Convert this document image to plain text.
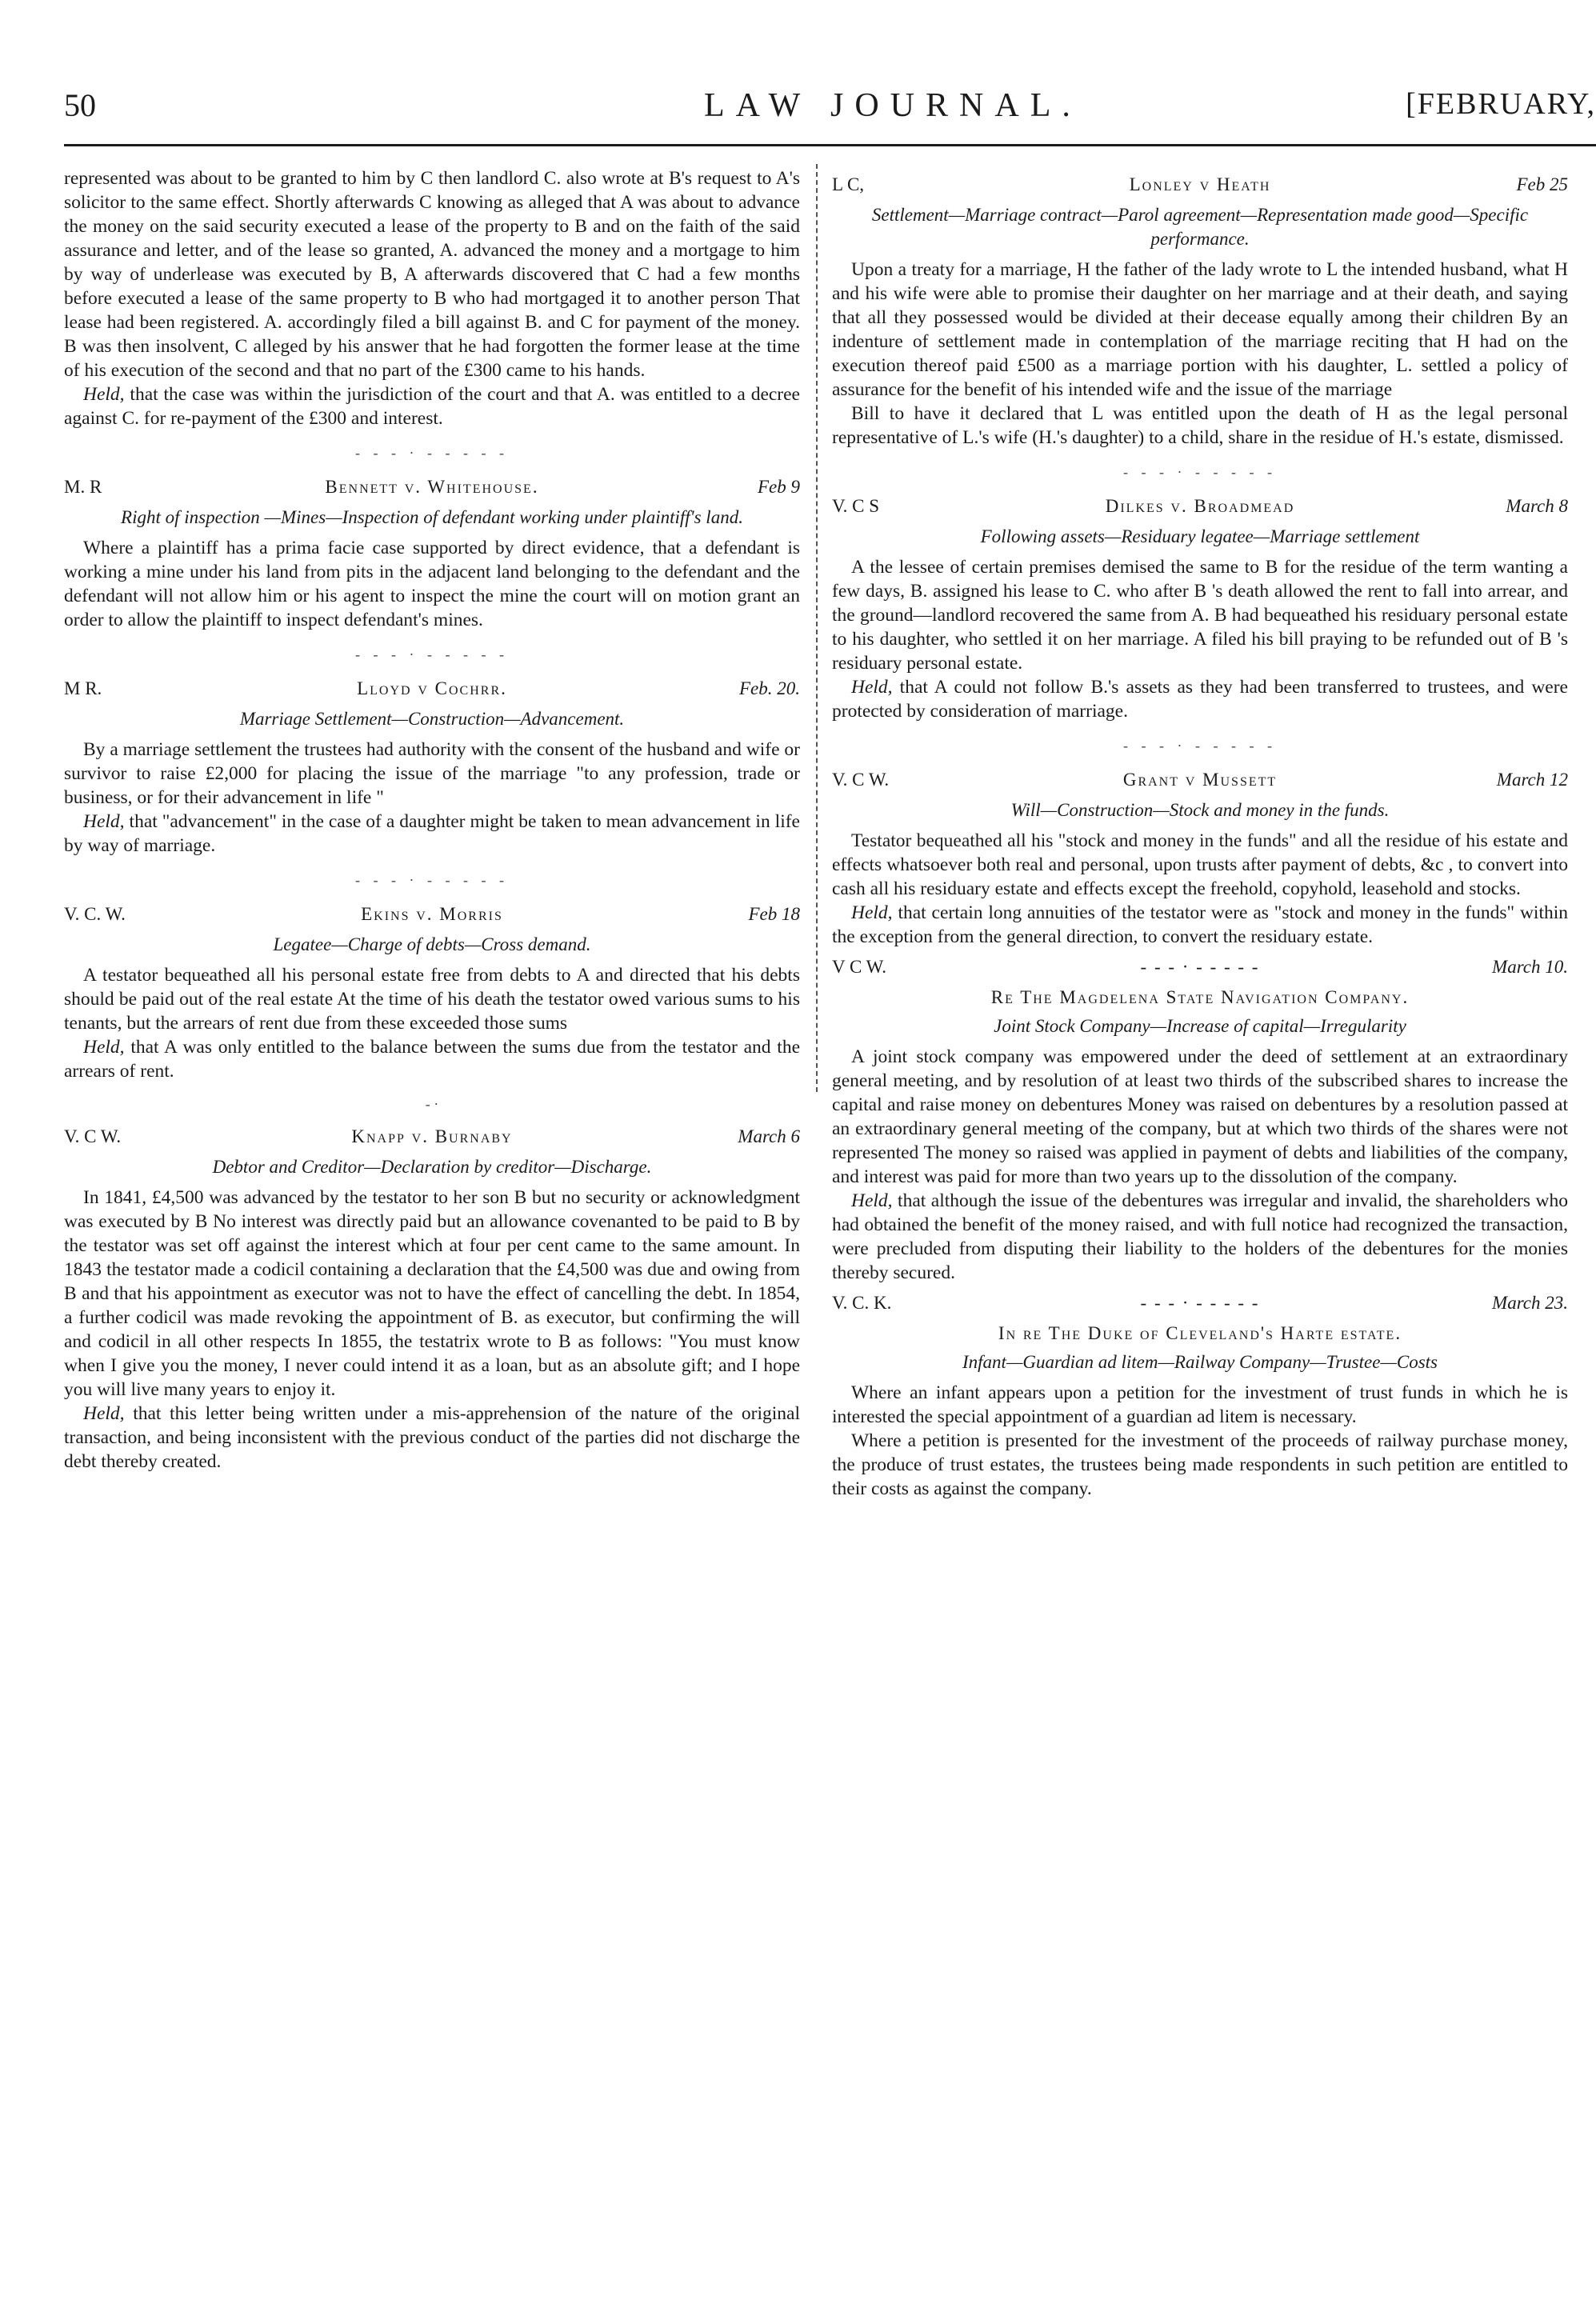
50	LAW JOURNAL.	[FEBRUARY,

represented was about to be granted to him by C then landlord C. also wrote at B's request to A's solicitor to the same effect. Shortly afterwards C knowing as alleged that A was about to advance the money on the said security executed a lease of the property to B and on the faith of the said assurance and letter, and of the lease so granted, A. advanced the money and a mortgage to him by way of underlease was executed by B, A afterwards discovered that C had a few months before executed a lease of the same property to B who had mortgaged it to another person That lease had been registered. A. accordingly filed a bill against B. and C for payment of the money. B was then insolvent, C alleged by his answer that he had forgotten the former lease at the time of his execution of the second and that no part of the £300 came to his hands.

Held, that the case was within the jurisdiction of the court and that A. was entitled to a decree against C. for re-payment of the £300 and interest.

- - - · - - - - -
Bennett v. Whitehouse.
M. R	Feb 9
Right of inspection —Mines—Inspection of defendant working under plaintiff's land.

Where a plaintiff has a prima facie case supported by direct evidence, that a defendant is working a mine under his land from pits in the adjacent land belonging to the defendant and the defendant will not allow him or his agent to inspect the mine the court will on motion grant an order to allow the plaintiff to inspect defendant's mines.

- - - · - - - - -
Lloyd v Cochrr.
M R.	Feb. 20.
Marriage Settlement—Construction—Advancement.

By a marriage settlement the trustees had authority with the consent of the husband and wife or survivor to raise £2,000 for placing the issue of the marriage "to any profession, trade or business, or for their advancement in life "

Held, that "advancement" in the case of a daughter might be taken to mean advancement in life by way of marriage.

- - - · - - - - -
Ekins v. Morris
V. C. W.	Feb 18
Legatee—Charge of debts—Cross demand.

A testator bequeathed all his personal estate free from debts to A and directed that his debts should be paid out of the real estate At the time of his death the testator owed various sums to his tenants, but the arrears of rent due from these exceeded those sums

Held, that A was only entitled to the balance between the sums due from the testator and the arrears of rent.

- ·
Knapp v. Burnaby
V. C W.	March 6
Debtor and Creditor—Declaration by creditor—Discharge.

In 1841, £4,500 was advanced by the testator to her son B but no security or acknowledgment was executed by B No interest was directly paid but an allowance covenanted to be paid to B by the testator was set off against the interest which at four per cent came to the same amount. In 1843 the testator made a codicil containing a declaration that the £4,500 was due and owing from B and that his appointment as executor was not to have the effect of cancelling the debt. In 1854, a further codicil was made revoking the appointment of B. as executor, but confirming the will and codicil in all other respects In 1855, the testatrix wrote to B as follows: "You must know when I give you the money, I never could intend it as a loan, but as an absolute gift; and I hope you will live many years to enjoy it.

Held, that this letter being written under a mis-apprehension of the nature of the original transaction, and being inconsistent with the previous conduct of the parties did not discharge the debt thereby created.

Lonley v Heath
L C,	Feb 25
Settlement—Marriage contract—Parol agreement—Representation made good—Specific performance.

Upon a treaty for a marriage, H the father of the lady wrote to L the intended husband, what H and his wife were able to promise their daughter on her marriage and at their death, and saying that all they possessed would be divided at their decease equally among their children By an indenture of settlement made in contemplation of the marriage reciting that H had on the execution thereof paid £500 as a marriage portion with his daughter, L. settled a policy of assurance for the benefit of his intended wife and the issue of the marriage

Bill to have it declared that L was entitled upon the death of H as the legal personal representative of L.'s wife (H.'s daughter) to a child, share in the residue of H.'s estate, dismissed.

- - - · - - - - -
Dilkes v. Broadmead
V. C S	March 8
Following assets—Residuary legatee—Marriage settlement

A the lessee of certain premises demised the same to B for the residue of the term wanting a few days, B. assigned his lease to C. who after B 's death allowed the rent to fall into arrear, and the ground—landlord recovered the same from A. B had bequeathed his residuary personal estate to his daughter, who settled it on her marriage. A filed his bill praying to be refunded out of B 's residuary personal estate.

Held, that A could not follow B.'s assets as they had been transferred to trustees, and were protected by consideration of marriage.

- - - · - - - - -
Grant v Mussett
V. C W.	March 12
Will—Construction—Stock and money in the funds.

Testator bequeathed all his "stock and money in the funds" and all the residue of his estate and effects whatsoever both real and personal, upon trusts after payment of debts, &c , to convert into cash all his residuary estate and effects except the freehold, copyhold, leasehold and stocks.

Held, that certain long annuities of the testator were as "stock and money in the funds" within the exception from the general direction, to convert the residuary estate.

- - - · - - - - -
V C W.	March 10.
Re The Magdelena State Navigation Company.
Joint Stock Company—Increase of capital—Irregularity

A joint stock company was empowered under the deed of settlement at an extraordinary general meeting, and by resolution of at least two thirds of the subscribed shares to increase the capital and raise money on debentures Money was raised on debentures by a resolution passed at an extraordinary general meeting of the company, but at which two thirds of the shares were not represented The money so raised was applied in payment of debts and liabilities of the company, and interest was paid for more than two years up to the dissolution of the company.

Held, that although the issue of the debentures was irregular and invalid, the shareholders who had obtained the benefit of the money raised, and with full notice had recognized the transaction, were precluded from disputing their liability to the holders of the debentures for the monies thereby secured.

- - - · - - - - -
V. C. K.	March 23.
In re The Duke of Cleveland's Harte estate.
Infant—Guardian ad litem—Railway Company—Trustee—Costs

Where an infant appears upon a petition for the investment of trust funds in which he is interested the special appointment of a guardian ad litem is necessary.

Where a petition is presented for the investment of the proceeds of railway purchase money, the produce of trust estates, the trustees being made respondents in such petition are entitled to their costs as against the company.
